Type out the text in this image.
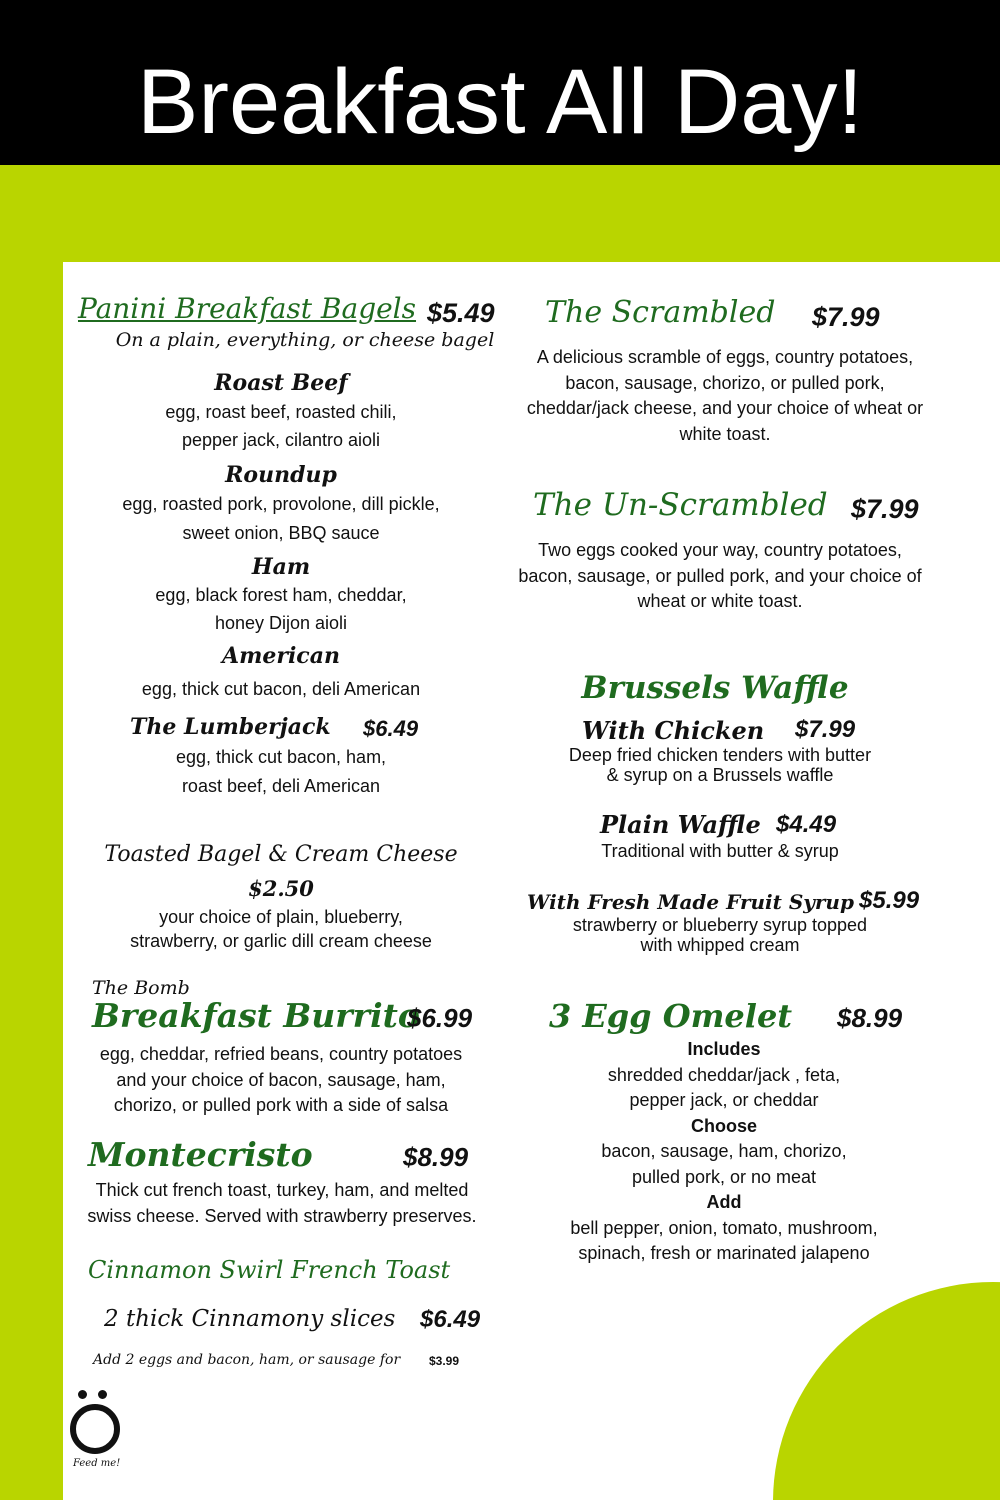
Breakfast All Day!
Panini Breakfast Bagels $5.49
On a plain, everything, or cheese bagel
Roast Beef
egg, roast beef, roasted chili,
pepper jack, cilantro aioli
Roundup
egg, roasted pork, provolone, dill pickle,
sweet onion, BBQ sauce
Ham
egg, black forest ham, cheddar,
honey Dijon aioli
American
egg, thick cut bacon, deli American
The Lumberjack $6.49
egg, thick cut bacon, ham,
roast beef, deli American
Toasted Bagel & Cream Cheese
$2.50
your choice of plain, blueberry,
strawberry, or garlic dill cream cheese
The Bomb
Breakfast Burrito
$6.99
egg, cheddar, refried beans, country potatoes
and your choice of bacon, sausage, ham,
chorizo, or pulled pork with a side of salsa
Montecristo	$8.99
Thick cut french toast, turkey, ham, and melted
swiss cheese. Served with strawberry preserves.
Cinnamon Swirl French Toast
2 thick Cinnamony slices $6.49
Add 2 eggs and bacon, ham, or sausage for $3.99
The Scrambled $7.99
A delicious scramble of eggs, country potatoes,
bacon, sausage, chorizo, or pulled pork,
cheddar/jack cheese, and your choice of wheat or
white toast.
The Un-Scrambled $7.99
Two eggs cooked your way, country potatoes,
bacon, sausage, or pulled pork, and your choice of
wheat or white toast.
Brussels Waffle
With Chicken $7.99
Deep fried chicken tenders with butter
& syrup on a Brussels waffle
Plain Waffle $4.49
Traditional with butter & syrup
With Fresh Made Fruit Syrup $5.99
strawberry or blueberry syrup topped
with whipped cream
3 Egg Omelet $8.99
Includes
shredded cheddar/jack , feta,
pepper jack, or cheddar
Choose
bacon, sausage, ham, chorizo,
pulled pork, or no meat
Add
bell pepper, onion, tomato, mushroom,
spinach, fresh or marinated jalapeno
Feed me!
